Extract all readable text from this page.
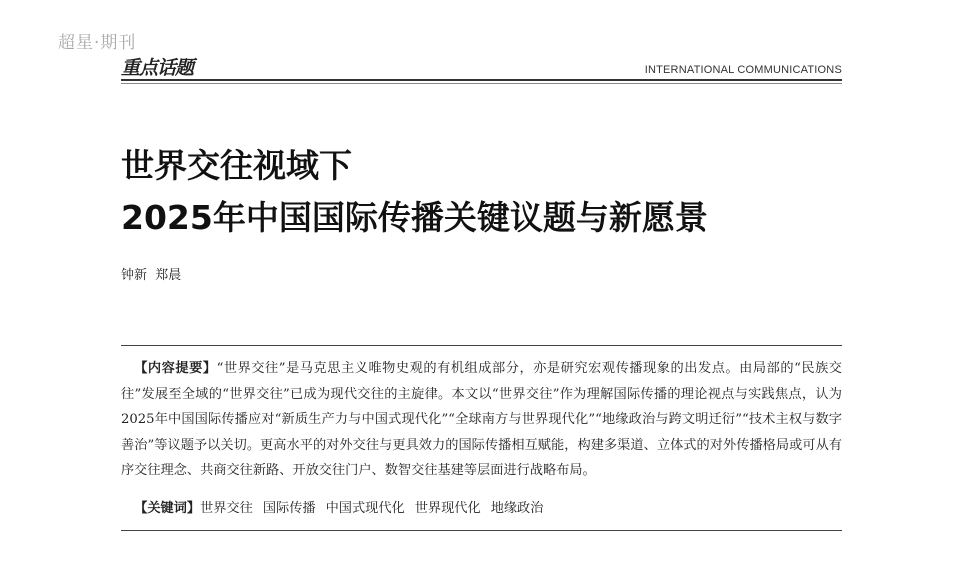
超星·期刊
重点话题	INTERNATIONAL COMMUNICATIONS
世界交往视域下
2025年中国国际传播关键议题与新愿景
钟新  郑晨

【内容提要】“世界交往”是马克思主义唯物史观的有机组成部分，亦是研究宏观传播现象的出发点。由局部的“民族交往”发展至全域的“世界交往”已成为现代交往的主旋律。本文以“世界交往”作为理解国际传播的理论视点与实践焦点，认为2025年中国国际传播应对“新质生产力与中国式现代化”“全球南方与世界现代化”“地缘政治与跨文明迁衍”“技术主权与数字善治”等议题予以关切。更高水平的对外交往与更具效力的国际传播相互赋能，构建多渠道、立体式的对外传播格局或可从有序交往理念、共商交往新路、开放交往门户、数智交往基建等层面进行战略布局。

【关键词】世界交往 国际传播 中国式现代化 世界现代化 地缘政治
